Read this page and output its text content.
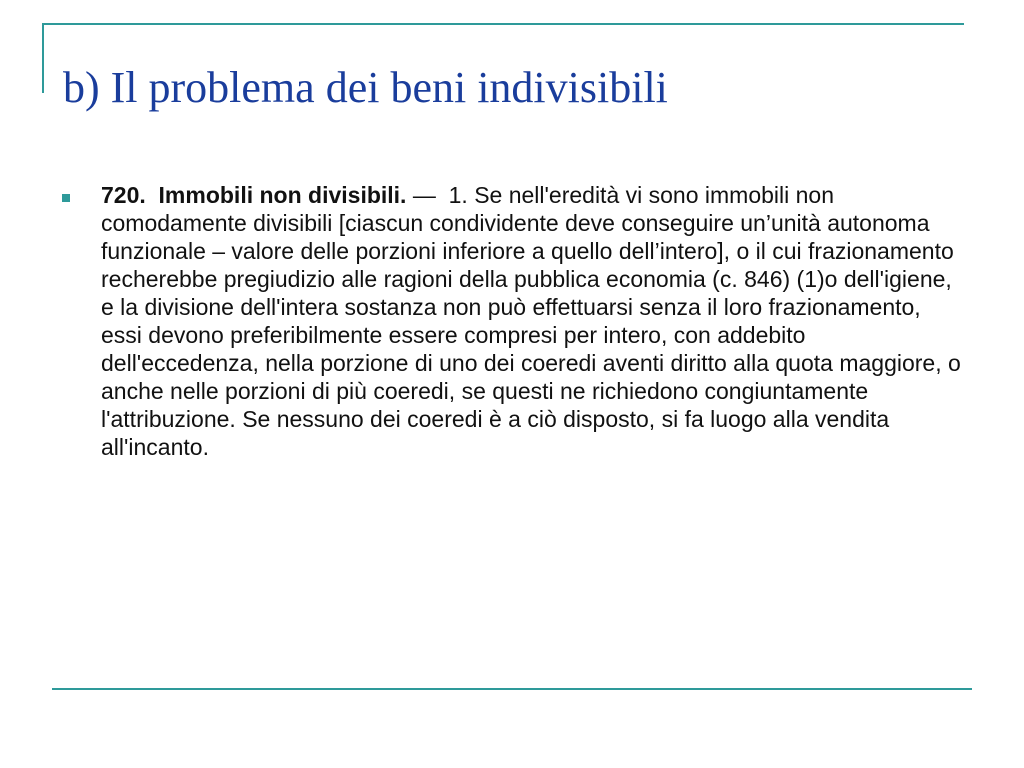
b) Il problema dei beni indivisibili
720. Immobili non divisibili. — 1. Se nell'eredità vi sono immobili non comodamente divisibili [ciascun condividente deve conseguire un’unità autonoma funzionale – valore delle porzioni inferiore a quello dell’intero], o il cui frazionamento recherebbe pregiudizio alle ragioni della pubblica economia (c. 846) (1)o dell'igiene, e la divisione dell'intera sostanza non può effettuarsi senza il loro frazionamento, essi devono preferibilmente essere compresi per intero, con addebito dell'eccedenza, nella porzione di uno dei coeredi aventi diritto alla quota maggiore, o anche nelle porzioni di più coeredi, se questi ne richiedono congiuntamente l'attribuzione. Se nessuno dei coeredi è a ciò disposto, si fa luogo alla vendita all'incanto.
